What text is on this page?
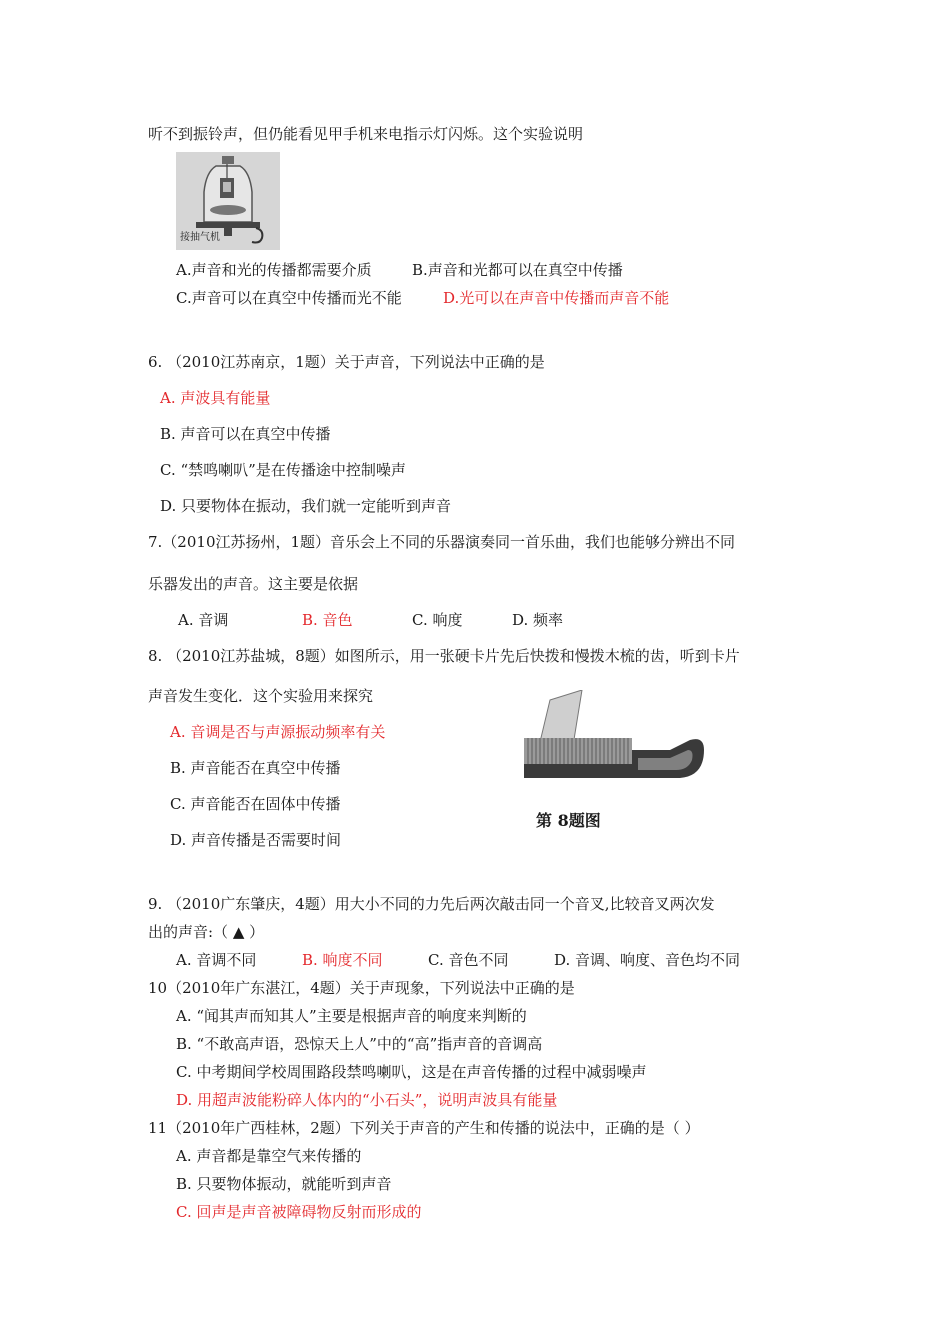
听不到振铃声，但仍能看见甲手机来电指示灯闪烁。这个实验说明
接抽气机
A.声音和光的传播都需要介质	B.声音和光都可以在真空中传播
C.声音可以在真空中传播而光不能	D.光可以在声音中传播而声音不能
6. （2010江苏南京，1题）关于声音，下列说法中正确的是
A. 声波具有能量
B. 声音可以在真空中传播
C. “禁鸣喇叭”是在传播途中控制噪声
D. 只要物体在振动，我们就一定能听到声音
7.（2010江苏扬州，1题）音乐会上不同的乐器演奏同一首乐曲，我们也能够分辨出不同
乐器发出的声音。这主要是依据
A. 音调	B. 音色	C. 响度	D. 频率
8. （2010江苏盐城，8题）如图所示，用一张硬卡片先后快拨和慢拨木梳的齿，听到卡片
声音发生变化．这个实验用来探究
A. 音调是否与声源振动频率有关
B. 声音能否在真空中传播
C. 声音能否在固体中传播
D. 声音传播是否需要时间
第 8题图
9. （2010广东肇庆，4题）用大小不同的力先后两次敲击同一个音叉,比较音叉两次发
出的声音:（ ▲ ）
A. 音调不同	B. 响度不同	C. 音色不同	D. 音调、响度、音色均不同
10（2010年广东湛江，4题）关于声现象，下列说法中正确的是
A. “闻其声而知其人”主要是根据声音的响度来判断的
B. “不敢高声语，恐惊天上人”中的“高”指声音的音调高
C. 中考期间学校周围路段禁鸣喇叭，这是在声音传播的过程中减弱噪声
D. 用超声波能粉碎人体内的“小石头”，说明声波具有能量
11（2010年广西桂林，2题）下列关于声音的产生和传播的说法中，正确的是（ ）
A. 声音都是靠空气来传播的
B. 只要物体振动，就能听到声音
C. 回声是声音被障碍物反射而形成的
